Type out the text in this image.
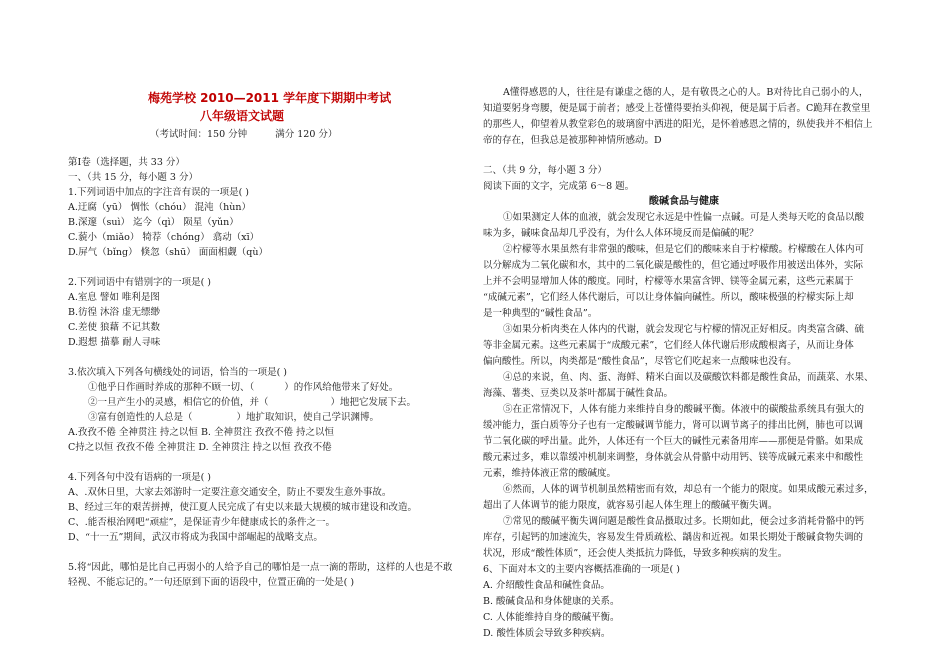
梅苑学校 2010—2011 学年度下期期中考试
八年级语文试题
（考试时间：150 分钟	满分 120 分）
第Ⅰ卷（选择题，共 33 分）
一、（共 15 分，每小题 3 分）
1.下列词语中加点的字注音有误的一项是( )
A.迂腐（yū） 惆怅（chóu） 混沌（hùn）
B.深邃（suì） 迄今（qì） 陨星（yǔn）
C.藐小（miǎo） 犄荐（chóng） 翕动（xī）
D.屏气（bǐng） 倏忽（shū） 面面相觑（qù）
2.下列词语中有错别字的一项是( )
A.室息 譬如 唯利是图
B.彷徨 沐浴 虚无缥缈
C.差使 狼藉 不记其数
D.遐想 描摹 耐人寻味
3.依次填入下列各句横线处的词语，恰当的一项是( )
①他乎日作画时养成的那种不顾一切、（	）的作风给他带来了好处。
②一旦产生小的灵感，相信它的价值，并（	）地把它发展下去。
③富有创造性的人总是（	）地扩取知识，使自己学识渊博。
A.孜孜不倦 全神贯注 持之以恒 B. 全神贯注 孜孜不倦 持之以恒
C持之以恒 孜孜不倦 全神贯注 D. 全神贯注 持之以恒 孜孜不倦
4.下列各句中没有语病的一项是( )
A、.双休日里，大家去郊游时一定要注意交通安全，防止不要发生意外事故。
B、经过三年的艰苦拼搏，使江夏人民完成了有史以来最大规模的城市建设和改造。
C、.能否根治网吧“顽症”，是保证青少年健康成长的条件之一。
D、“十一五”期间，武汉市将成为我国中部崛起的战略支点。
5.将“因此，哪怕是比自己再弱小的人给予自己的哪怕是一点一滴的帮助，这样的人也是不敢
轻视、不能忘记的。”一句还原到下面的语段中，位置正确的一处是( )
A懂得感恩的人，往往是有谦虚之德的人，是有敬畏之心的人。B对待比自己弱小的人，
知道要躬身弯腰，便是属于前者；感受上苍懂得要抬头仰视，便是属于后者。C跪拜在教堂里
的那些人，仰望着从教堂彩色的玻璃窗中洒进的阳光，是怀着感恩之情的，纵使我并不相信上
帝的存在，但我总是被那种神情所感动。D
二、（共 9 分，每小题 3 分）
阅读下面的文字，完成第 6～8 题。
酸碱食品与健康
①如果测定人体的血液，就会发现它永远是中性偏一点碱。可是人类每天吃的食品以酸
味为多，碱味食品却几乎没有，为什么人体环境反而是偏碱的呢？
②柠檬等水果虽然有非常强的酸味，但是它们的酸味来自于柠檬酸。柠檬酸在人体内可
以分解成为二氧化碳和水，其中的二氧化碳是酸性的，但它通过呼吸作用被送出体外，实际
上并不会明显增加人体的酸度。同时，柠檬等水果富含钾、镁等金属元素，这些元素属于
“成碱元素”，它们经人体代谢后，可以让身体偏向碱性。所以，酸味极强的柠檬实际上却
是一种典型的“碱性食品”。
③如果分析肉类在人体内的代谢，就会发现它与柠檬的情况正好相反。肉类富含磷、硫
等非金属元素。这些元素属于“成酸元素”，它们经人体代谢后形成酸根离子，从而让身体
偏向酸性。所以，肉类都是“酸性食品”，尽管它们吃起来一点酸味也没有。
④总的来说，鱼、肉、蛋、海鲜、精米白面以及碳酸饮料都是酸性食品，而蔬菜、水果、
海藻、薯类、豆类以及茶叶都属于碱性食品。
⑤在正常情况下，人体有能力来维持自身的酸碱平衡。体液中的碳酸盐系统具有强大的
缓冲能力，蛋白质等分子也有一定酸碱调节能力，肾可以调节离子的排出比例，肺也可以调
节二氧化碳的呼出量。此外，人体还有一个巨大的碱性元素备用库——那便是骨骼。如果成
酸元素过多，难以靠缓冲机制来调整，身体就会从骨骼中动用钙、镁等成碱元素来中和酸性
元素，维持体液正常的酸碱度。
⑥然而，人体的调节机制虽然精密而有效，却总有一个能力的限度。如果成酸元素过多，
超出了人体调节的能力限度，就容易引起人体生理上的酸碱平衡失调。
⑦常见的酸碱平衡失调问题是酸性食品摄取过多。长期如此，便会过多消耗骨骼中的钙
库存，引起钙的加速流失，容易发生骨质疏松、龋齿和近视。如果长期处于酸碱食物失调的
状况，形成“酸性体质”，还会使人类抵抗力降低，导致多种疾病的发生。
6、下面对本文的主要内容概括准确的一项是( )
A. 介绍酸性食品和碱性食品。
B. 酸碱食品和身体健康的关系。
C. 人体能维持自身的酸碱平衡。
D. 酸性体质会导致多种疾病。
